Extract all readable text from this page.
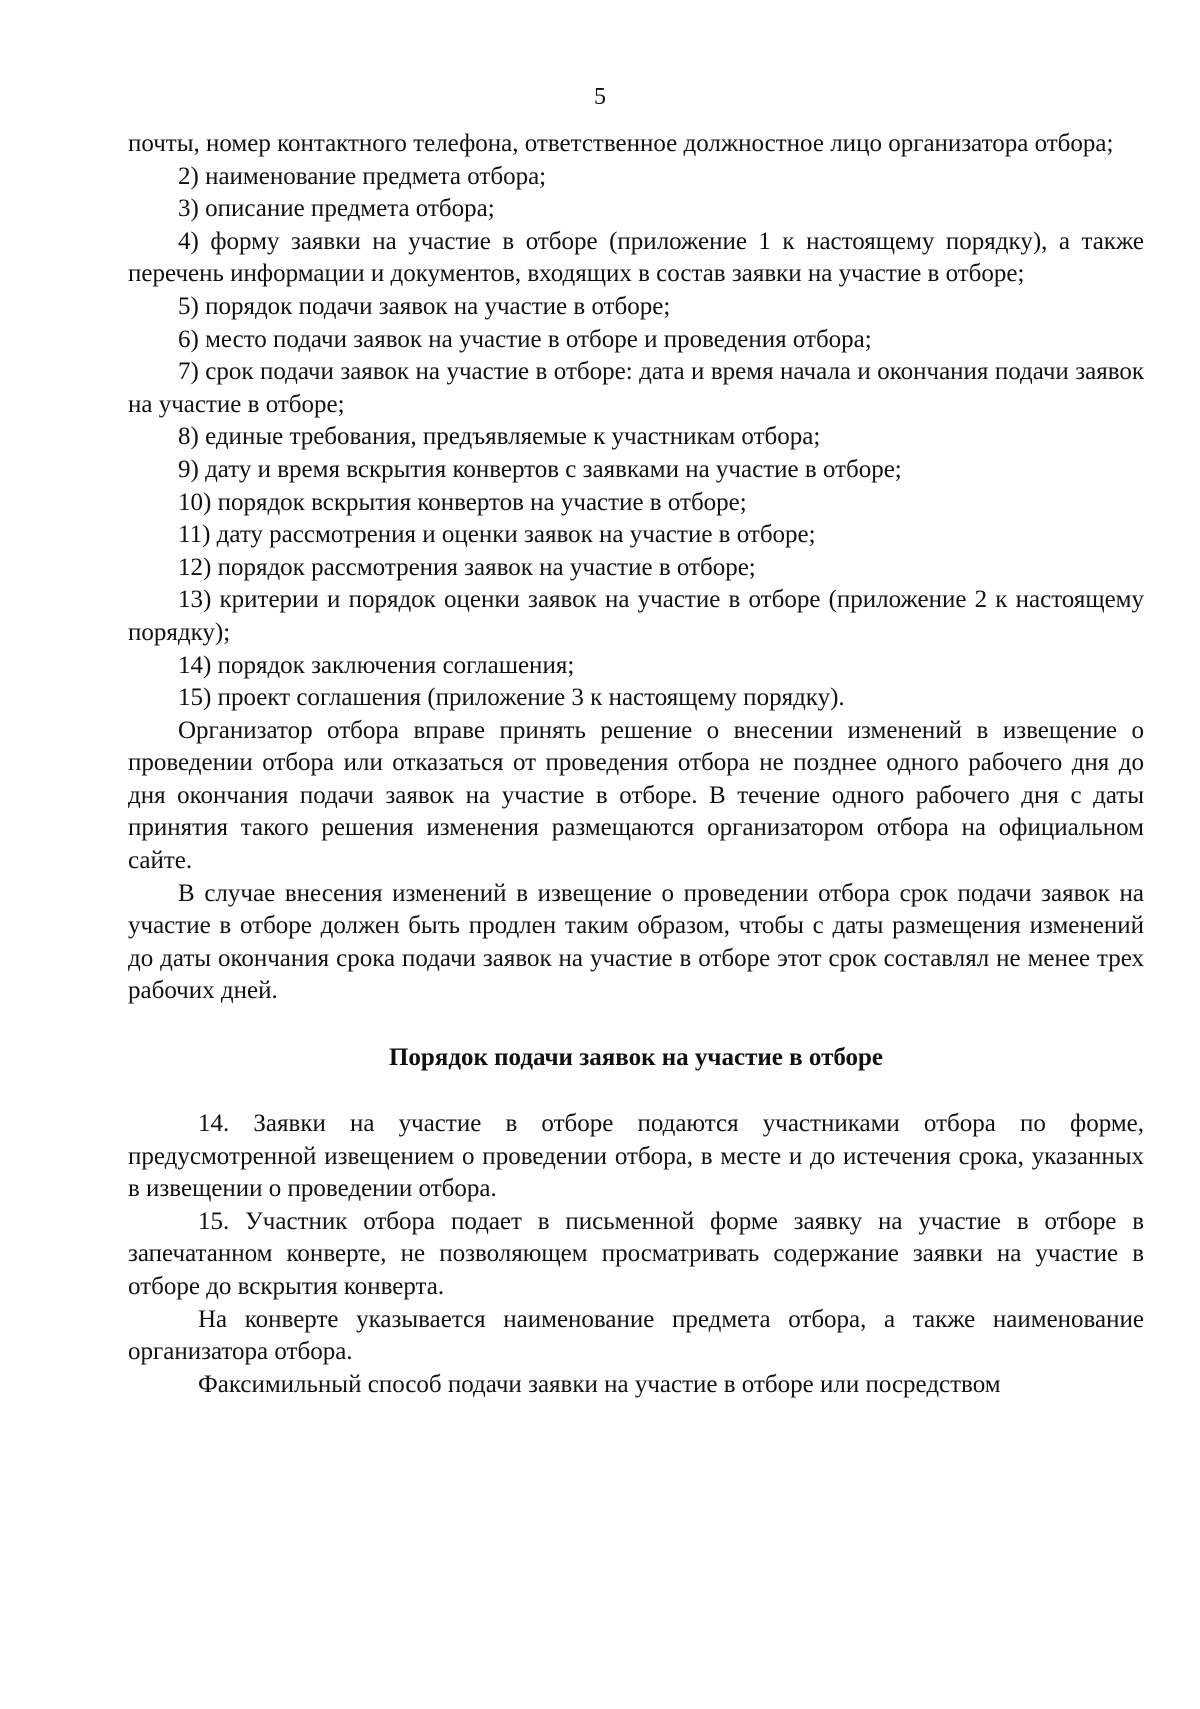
5

почты, номер контактного телефона, ответственное должностное лицо организатора отбора;

2) наименование предмета отбора;

3) описание предмета отбора;

4) форму заявки на участие в отборе (приложение 1 к настоящему порядку), а также перечень информации и документов, входящих в состав заявки на участие в отборе;

5) порядок подачи заявок на участие в отборе;

6) место подачи заявок на участие в отборе и проведения отбора;

7) срок подачи заявок на участие в отборе: дата и время начала и окончания подачи заявок на участие в отборе;

8) единые требования, предъявляемые к участникам отбора;

9) дату и время вскрытия конвертов с заявками на участие в отборе;

10) порядок вскрытия конвертов на участие в отборе;

11) дату рассмотрения и оценки заявок на участие в отборе;

12) порядок рассмотрения заявок на участие в отборе;

13) критерии и порядок оценки заявок на участие в отборе (приложение 2 к настоящему порядку);

14) порядок заключения соглашения;

15) проект соглашения (приложение 3 к настоящему порядку).

Организатор отбора вправе принять решение о внесении изменений в извещение о проведении отбора или отказаться от проведения отбора не позднее одного рабочего дня до дня окончания подачи заявок на участие в отборе. В течение одного рабочего дня с даты принятия такого решения изменения размещаются организатором отбора на официальном сайте.

В случае внесения изменений в извещение о проведении отбора срок подачи заявок на участие в отборе должен быть продлен таким образом, чтобы с даты размещения изменений до даты окончания срока подачи заявок на участие в отборе этот срок составлял не менее трех рабочих дней.

Порядок подачи заявок на участие в отборе

14. Заявки на участие в отборе подаются участниками отбора по форме, предусмотренной извещением о проведении отбора, в месте и до истечения срока, указанных в извещении о проведении отбора.

15. Участник отбора подает в письменной форме заявку на участие в отборе в запечатанном конверте, не позволяющем просматривать содержание заявки на участие в отборе до вскрытия конверта.

На конверте указывается наименование предмета отбора, а также наименование организатора отбора.

Факсимильный способ подачи заявки на участие в отборе или посредством
